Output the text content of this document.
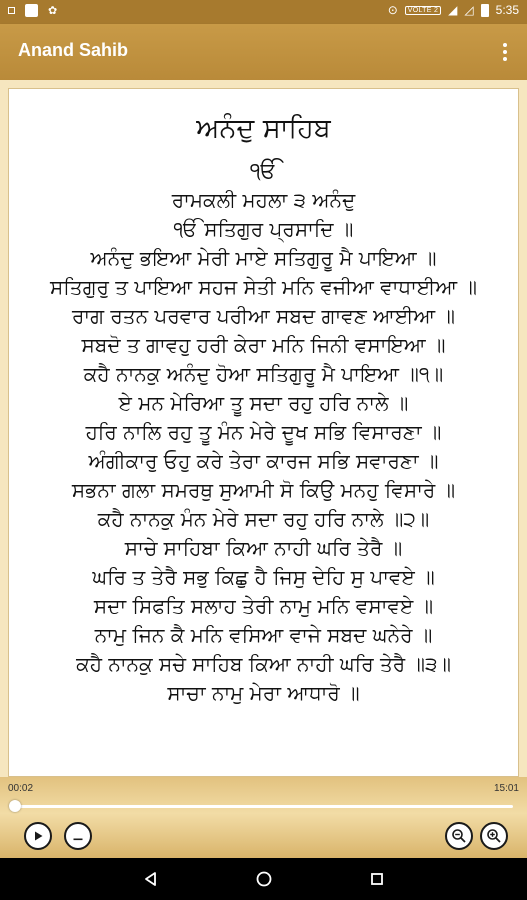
✿	⊙	VOLTE 2 ◢ ◿ 5:35
Anand Sahib
ਅਨੰਦੁ ਸਾਹਿਬ
ੴ
ਰਾਮਕਲੀ ਮਹਲਾ ੩ ਅਨੰਦੁ
ੴ ਸਤਿਗੁਰ ਪ੍ਰਸਾਦਿ ॥
ਅਨੰਦੁ ਭਇਆ ਮੇਰੀ ਮਾਏ ਸਤਿਗੁਰੂ ਮੈ ਪਾਇਆ ॥
ਸਤਿਗੁਰੁ ਤ ਪਾਇਆ ਸਹਜ ਸੇਤੀ ਮਨਿ ਵਜੀਆ ਵਾਧਾਈਆ ॥
ਰਾਗ ਰਤਨ ਪਰਵਾਰ ਪਰੀਆ ਸਬਦ ਗਾਵਣ ਆਈਆ ॥
ਸਬਦੋ ਤ ਗਾਵਹੁ ਹਰੀ ਕੇਰਾ ਮਨਿ ਜਿਨੀ ਵਸਾਇਆ ॥
ਕਹੈ ਨਾਨਕੁ ਅਨੰਦੁ ਹੋਆ ਸਤਿਗੁਰੂ ਮੈ ਪਾਇਆ ॥੧॥
ਏ ਮਨ ਮੇਰਿਆ ਤੂ ਸਦਾ ਰਹੁ ਹਰਿ ਨਾਲੇ ॥
ਹਰਿ ਨਾਲਿ ਰਹੁ ਤੂ ਮੰਨ ਮੇਰੇ ਦੂਖ ਸਭਿ ਵਿਸਾਰਣਾ ॥
ਅੰਗੀਕਾਰੁ ਓਹੁ ਕਰੇ ਤੇਰਾ ਕਾਰਜ ਸਭਿ ਸਵਾਰਣਾ ॥
ਸਭਨਾ ਗਲਾ ਸਮਰਥੁ ਸੁਆਮੀ ਸੋ ਕਿਉ ਮਨਹੁ ਵਿਸਾਰੇ ॥
ਕਹੈ ਨਾਨਕੁ ਮੰਨ ਮੇਰੇ ਸਦਾ ਰਹੁ ਹਰਿ ਨਾਲੇ ॥੨॥
ਸਾਚੇ ਸਾਹਿਬਾ ਕਿਆ ਨਾਹੀ ਘਰਿ ਤੇਰੈ ॥
ਘਰਿ ਤ ਤੇਰੈ ਸਭੁ ਕਿਛੁ ਹੈ ਜਿਸੁ ਦੇਹਿ ਸੁ ਪਾਵਏ ॥
ਸਦਾ ਸਿਫਤਿ ਸਲਾਹ ਤੇਰੀ ਨਾਮੁ ਮਨਿ ਵਸਾਵਏ ॥
ਨਾਮੁ ਜਿਨ ਕੈ ਮਨਿ ਵਸਿਆ ਵਾਜੇ ਸਬਦ ਘਨੇਰੇ ॥
ਕਹੈ ਨਾਨਕੁ ਸਚੇ ਸਾਹਿਬ ਕਿਆ ਨਾਹੀ ਘਰਿ ਤੇਰੈ ॥੩॥
ਸਾਚਾ ਨਾਮੁ ਮੇਰਾ ਆਧਾਰੋ ॥
00:02	15:01
